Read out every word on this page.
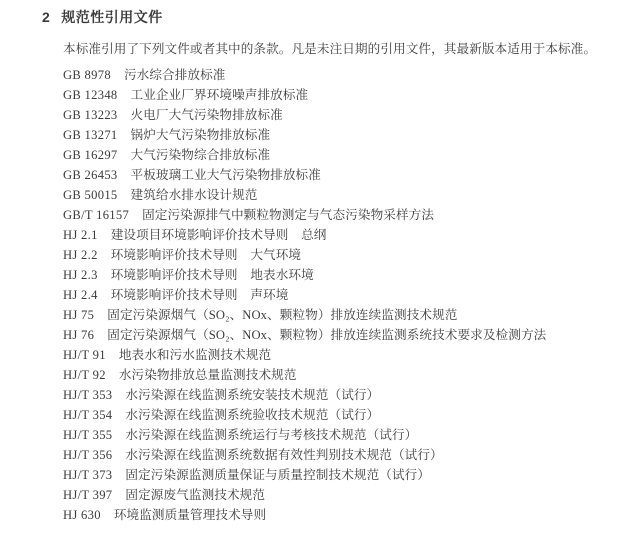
2 规范性引用文件

本标准引用了下列文件或者其中的条款。凡是未注日期的引用文件，其最新版本适用于本标准。

GB 8978 污水综合排放标准
GB 12348 工业企业厂界环境噪声排放标准
GB 13223 火电厂大气污染物排放标准
GB 13271 锅炉大气污染物排放标准
GB 16297 大气污染物综合排放标准
GB 26453 平板玻璃工业大气污染物排放标准
GB 50015 建筑给水排水设计规范
GB/T 16157 固定污染源排气中颗粒物测定与气态污染物采样方法
HJ 2.1 建设项目环境影响评价技术导则　总纲
HJ 2.2 环境影响评价技术导则　大气环境
HJ 2.3 环境影响评价技术导则　地表水环境
HJ 2.4 环境影响评价技术导则　声环境
HJ 75 固定污染源烟气（SO₂、NOx、颗粒物）排放连续监测技术规范
HJ 76 固定污染源烟气（SO₂、NOx、颗粒物）排放连续监测系统技术要求及检测方法
HJ/T 91 地表水和污水监测技术规范
HJ/T 92 水污染物排放总量监测技术规范
HJ/T 353 水污染源在线监测系统安装技术规范（试行）
HJ/T 354 水污染源在线监测系统验收技术规范（试行）
HJ/T 355 水污染源在线监测系统运行与考核技术规范（试行）
HJ/T 356 水污染源在线监测系统数据有效性判别技术规范（试行）
HJ/T 373 固定污染源监测质量保证与质量控制技术规范（试行）
HJ/T 397 固定源废气监测技术规范
HJ 630 环境监测质量管理技术导则
